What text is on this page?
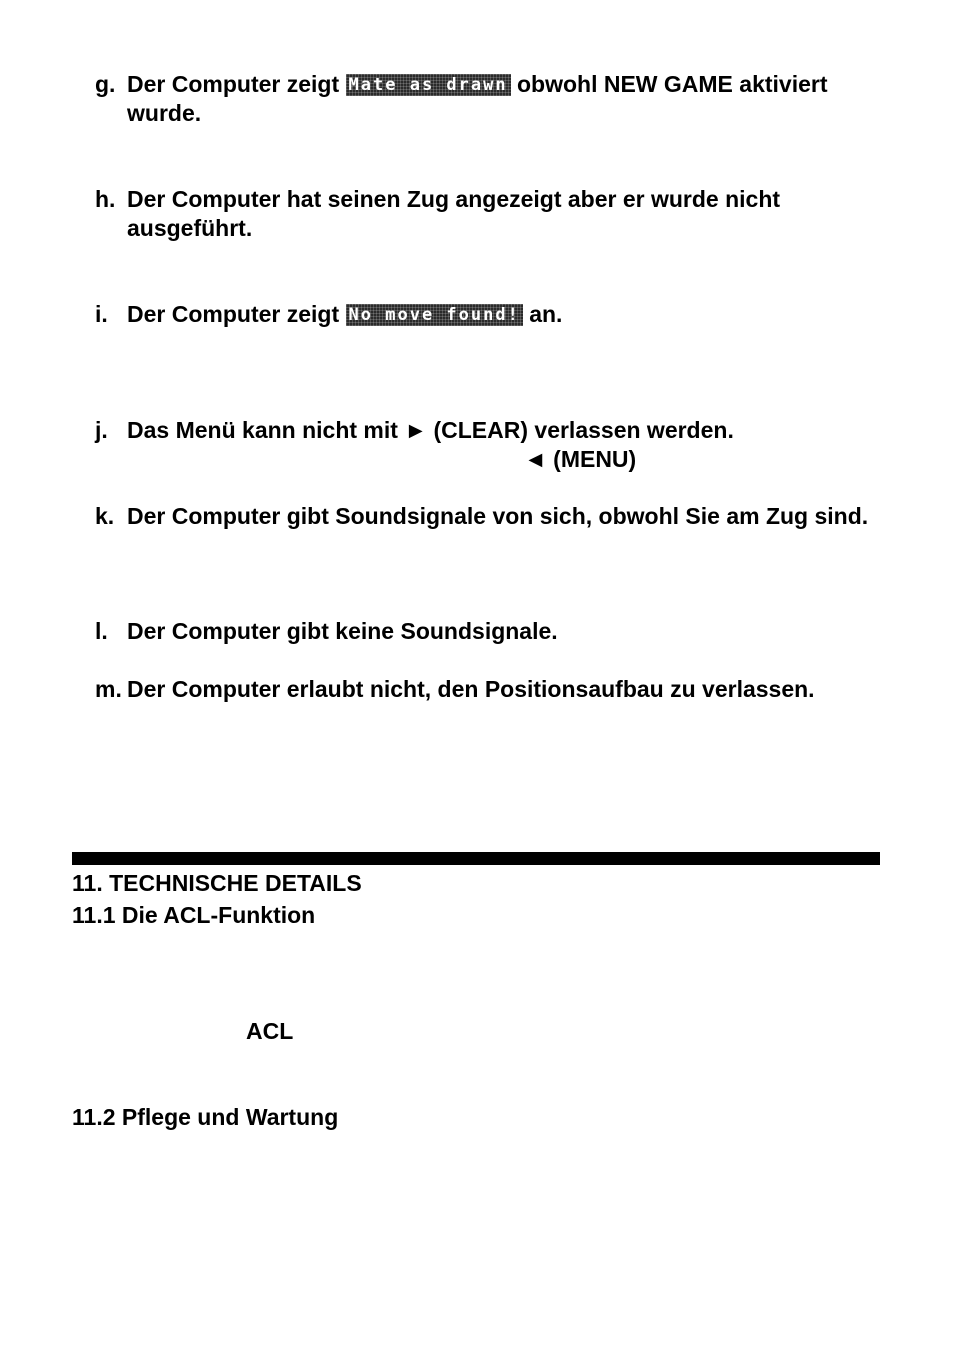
g. Der Computer zeigt Mate as drawn obwohl NEW GAME aktiviert wurde.
h. Der Computer hat seinen Zug angezeigt aber er wurde nicht ausgeführt.
i. Der Computer zeigt No move found! an.
j. Das Menü kann nicht mit ► (CLEAR) verlassen werden.
◄ (MENU)
k. Der Computer gibt Soundsignale von sich, obwohl Sie am Zug sind.
l. Der Computer gibt keine Soundsignale.
m. Der Computer erlaubt nicht, den Positionsaufbau zu verlassen.
11. TECHNISCHE DETAILS
11.1 Die ACL-Funktion
ACL
11.2 Pflege und Wartung
